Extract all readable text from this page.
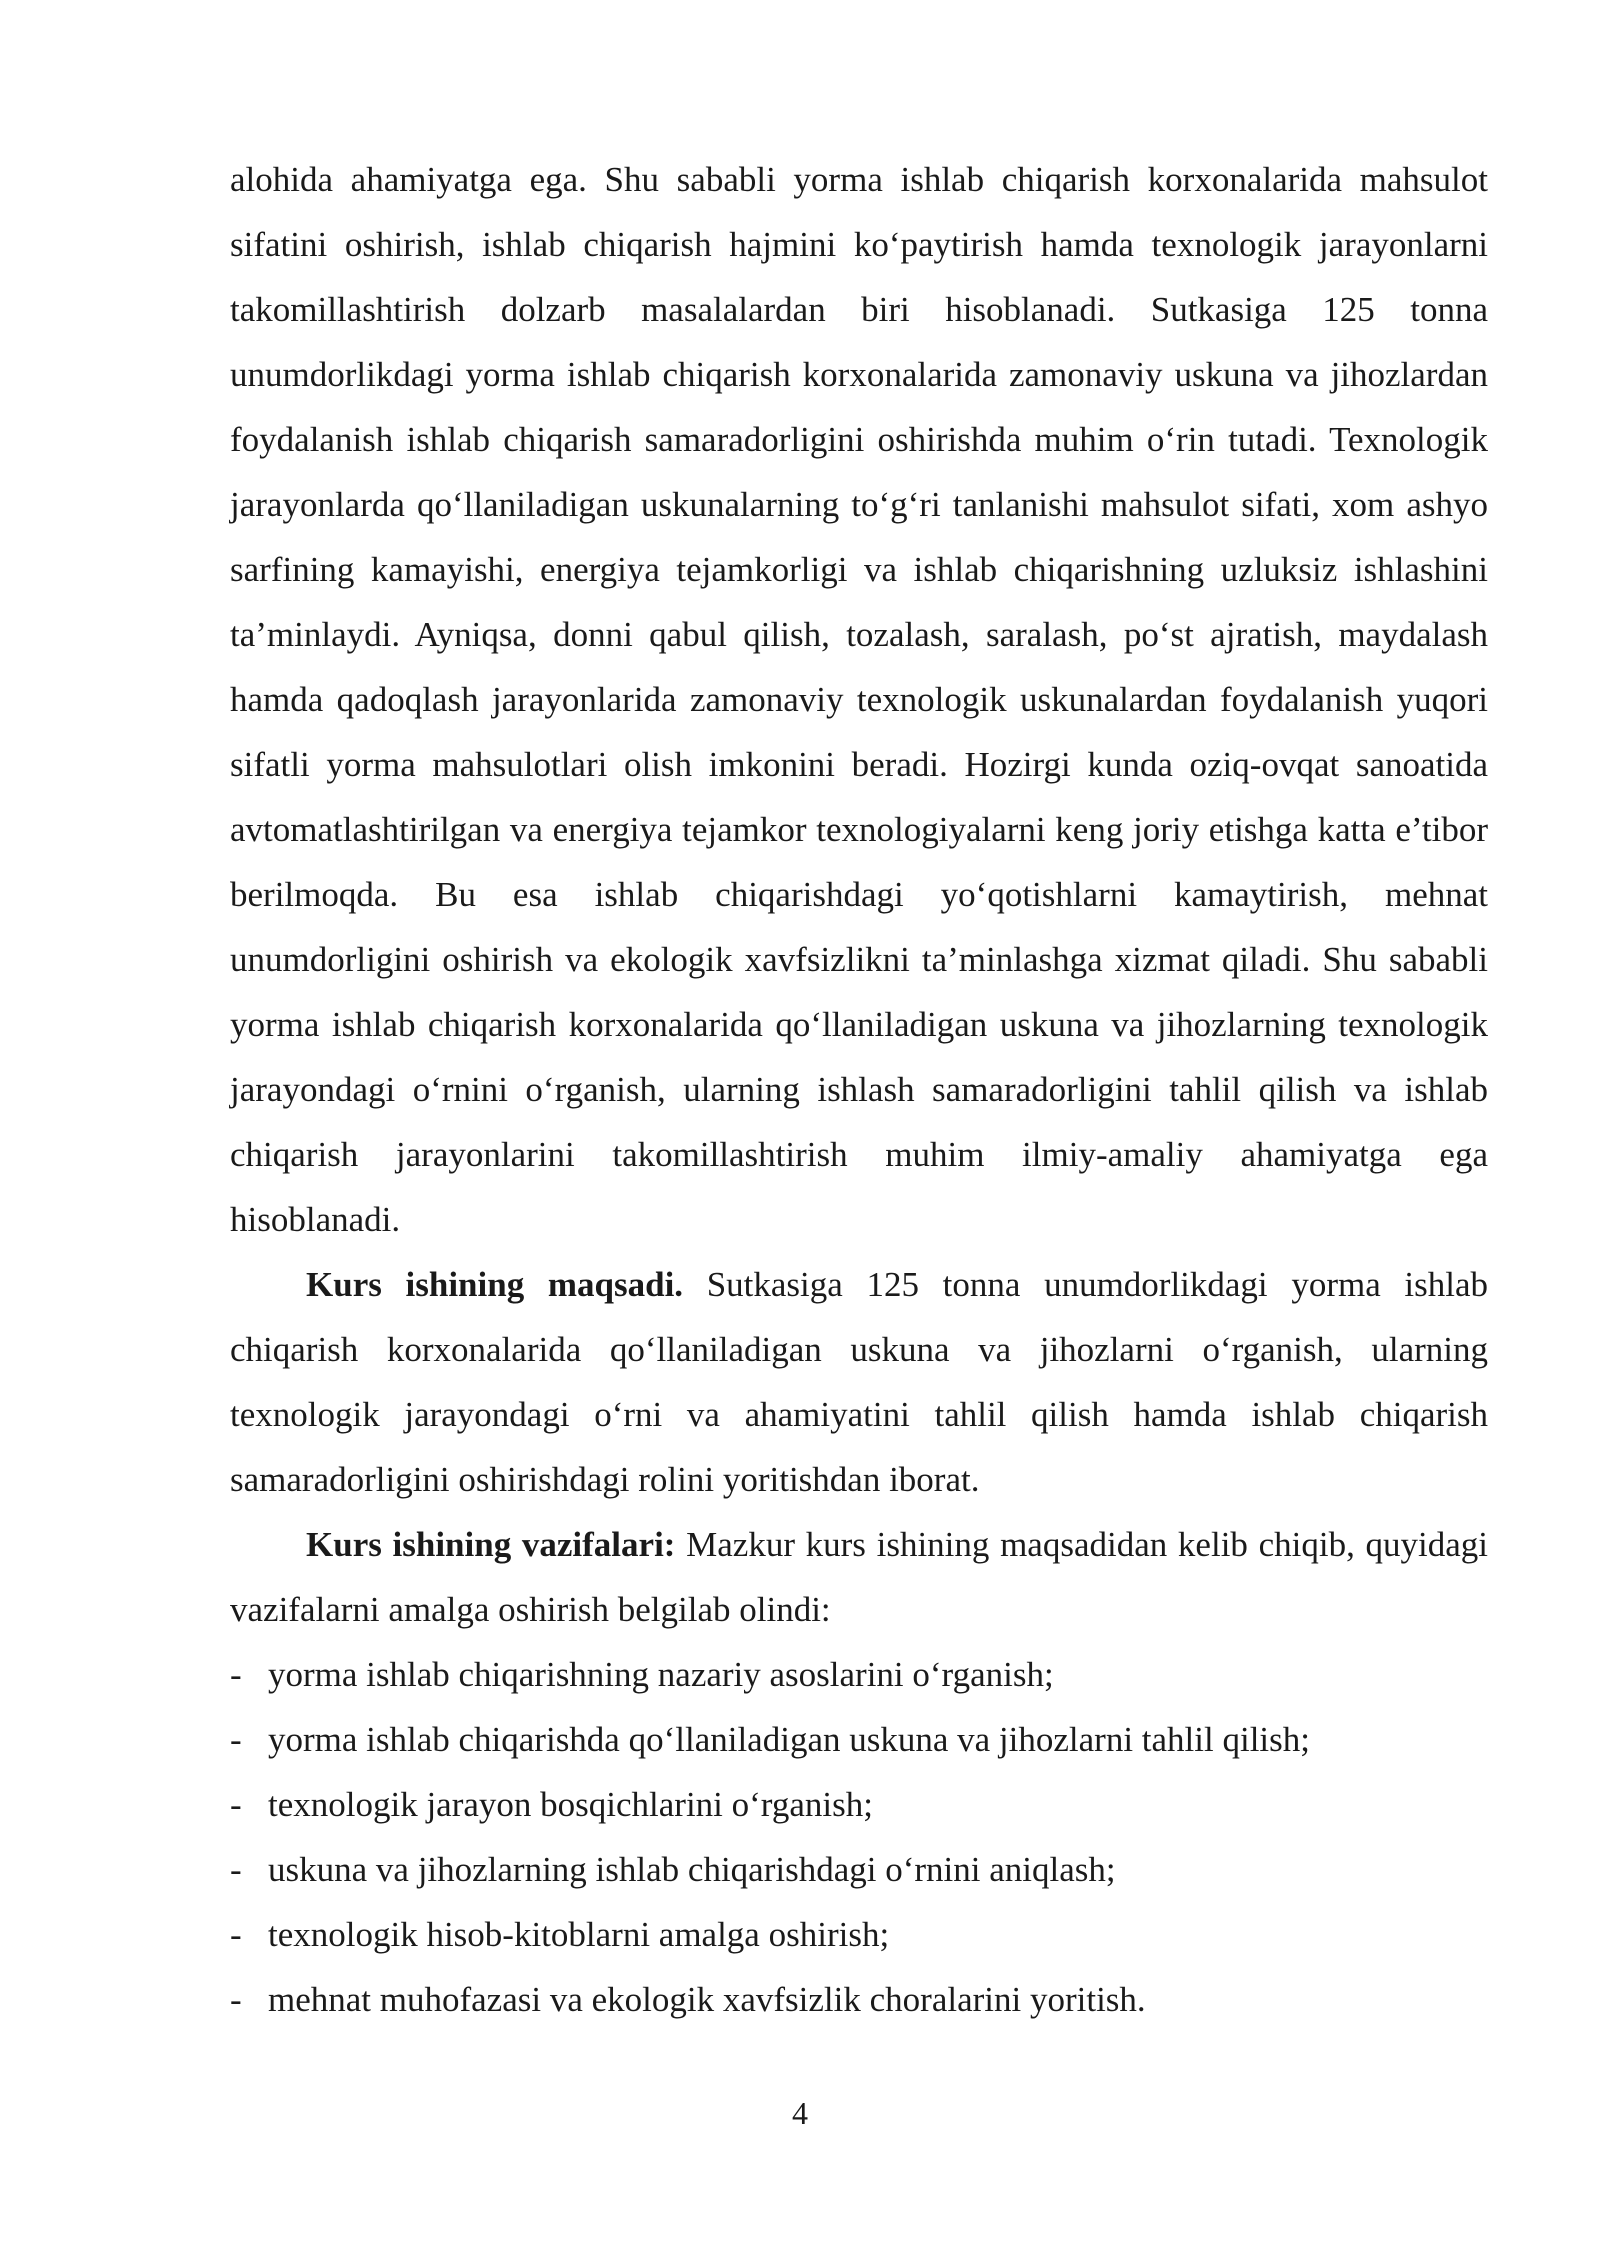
alohida ahamiyatga ega. Shu sababli yorma ishlab chiqarish korxonalarida mahsulot sifatini oshirish, ishlab chiqarish hajmini ko‘paytirish hamda texnologik jarayonlarni takomillashtirish dolzarb masalalardan biri hisoblanadi. Sutkasiga 125 tonna unumdorlikdagi yorma ishlab chiqarish korxonalarida zamonaviy uskuna va jihozlardan foydalanish ishlab chiqarish samaradorligini oshirishda muhim o‘rin tutadi. Texnologik jarayonlarda qo‘llaniladigan uskunalarning to‘g‘ri tanlanishi mahsulot sifati, xom ashyo sarfining kamayishi, energiya tejamkorligi va ishlab chiqarishning uzluksiz ishlashini ta’minlaydi. Ayniqsa, donni qabul qilish, tozalash, saralash, po‘st ajratish, maydalash hamda qadoqlash jarayonlarida zamonaviy texnologik uskunalardan foydalanish yuqori sifatli yorma mahsulotlari olish imkonini beradi. Hozirgi kunda oziq-ovqat sanoatida avtomatlashtirilgan va energiya tejamkor texnologiyalarni keng joriy etishga katta e’tibor berilmoqda. Bu esa ishlab chiqarishdagi yo‘qotishlarni kamaytirish, mehnat unumdorligini oshirish va ekologik xavfsizlikni ta’minlashga xizmat qiladi. Shu sababli yorma ishlab chiqarish korxonalarida qo‘llaniladigan uskuna va jihozlarning texnologik jarayondagi o‘rnini o‘rganish, ularning ishlash samaradorligini tahlil qilish va ishlab chiqarish jarayonlarini takomillashtirish muhim ilmiy-amaliy ahamiyatga ega hisoblanadi.

Kurs ishining maqsadi. Sutkasiga 125 tonna unumdorlikdagi yorma ishlab chiqarish korxonalarida qo‘llaniladigan uskuna va jihozlarni o‘rganish, ularning texnologik jarayondagi o‘rni va ahamiyatini tahlil qilish hamda ishlab chiqarish samaradorligini oshirishdagi rolini yoritishdan iborat.

Kurs ishining vazifalari: Mazkur kurs ishining maqsadidan kelib chiqib, quyidagi vazifalarni amalga oshirish belgilab olindi:

- yorma ishlab chiqarishning nazariy asoslarini o‘rganish;
- yorma ishlab chiqarishda qo‘llaniladigan uskuna va jihozlarni tahlil qilish;
- texnologik jarayon bosqichlarini o‘rganish;
- uskuna va jihozlarning ishlab chiqarishdagi o‘rnini aniqlash;
- texnologik hisob-kitoblarni amalga oshirish;
- mehnat muhofazasi va ekologik xavfsizlik choralarini yoritish.
4
